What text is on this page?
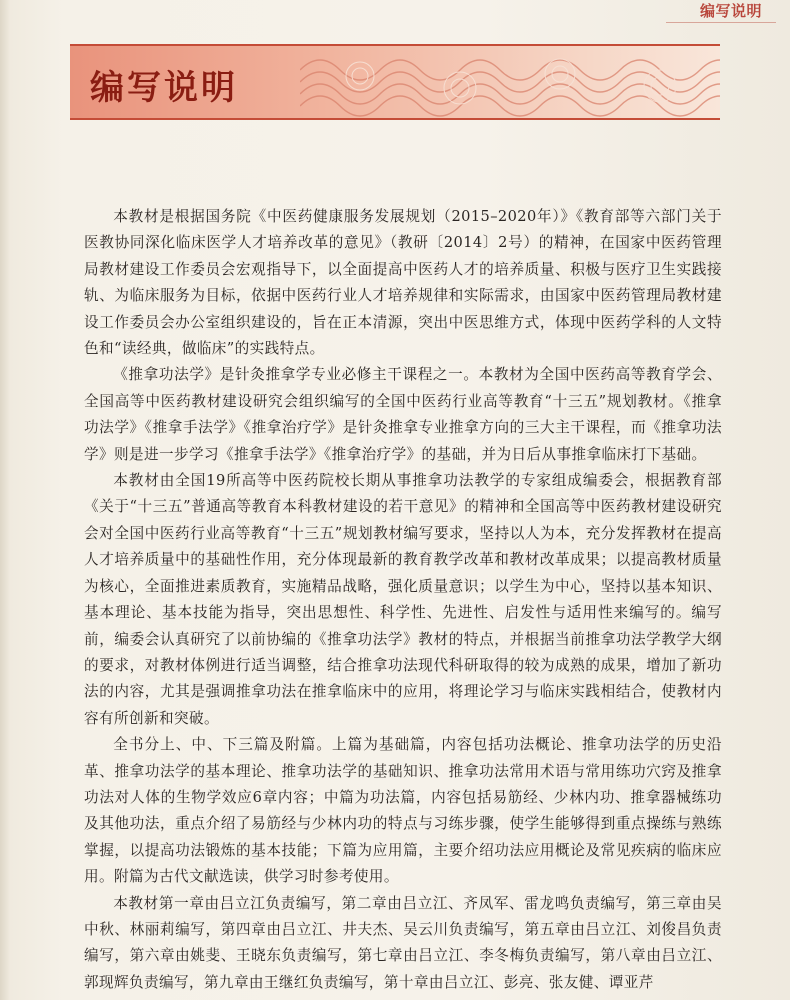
编写说明
编写说明

本教材是根据国务院《中医药健康服务发展规划（2015–2020年）》《教育部等六部门关于医教协同深化临床医学人才培养改革的意见》（教研〔2014〕2号）的精神，在国家中医药管理局教材建设工作委员会宏观指导下，以全面提高中医药人才的培养质量、积极与医疗卫生实践接轨、为临床服务为目标，依据中医药行业人才培养规律和实际需求，由国家中医药管理局教材建设工作委员会办公室组织建设的，旨在正本清源，突出中医思维方式，体现中医药学科的人文特色和“读经典，做临床”的实践特点。

《推拿功法学》是针灸推拿学专业必修主干课程之一。本教材为全国中医药高等教育学会、全国高等中医药教材建设研究会组织编写的全国中医药行业高等教育“十三五”规划教材。《推拿功法学》《推拿手法学》《推拿治疗学》是针灸推拿专业推拿方向的三大主干课程，而《推拿功法学》则是进一步学习《推拿手法学》《推拿治疗学》的基础，并为日后从事推拿临床打下基础。

本教材由全国19所高等中医药院校长期从事推拿功法教学的专家组成编委会，根据教育部《关于“十三五”普通高等教育本科教材建设的若干意见》的精神和全国高等中医药教材建设研究会对全国中医药行业高等教育“十三五”规划教材编写要求，坚持以人为本，充分发挥教材在提高人才培养质量中的基础性作用，充分体现最新的教育教学改革和教材改革成果；以提高教材质量为核心，全面推进素质教育，实施精品战略，强化质量意识；以学生为中心，坚持以基本知识、基本理论、基本技能为指导，突出思想性、科学性、先进性、启发性与适用性来编写的。编写前，编委会认真研究了以前协编的《推拿功法学》教材的特点，并根据当前推拿功法学教学大纲的要求，对教材体例进行适当调整，结合推拿功法现代科研取得的较为成熟的成果，增加了新功法的内容，尤其是强调推拿功法在推拿临床中的应用，将理论学习与临床实践相结合，使教材内容有所创新和突破。

全书分上、中、下三篇及附篇。上篇为基础篇，内容包括功法概论、推拿功法学的历史沿革、推拿功法学的基本理论、推拿功法学的基础知识、推拿功法常用术语与常用练功穴窍及推拿功法对人体的生物学效应6章内容；中篇为功法篇，内容包括易筋经、少林内功、推拿器械练功及其他功法，重点介绍了易筋经与少林内功的特点与习练步骤，使学生能够得到重点操练与熟练掌握，以提高功法锻炼的基本技能；下篇为应用篇，主要介绍功法应用概论及常见疾病的临床应用。附篇为古代文献选读，供学习时参考使用。

本教材第一章由吕立江负责编写，第二章由吕立江、齐凤军、雷龙鸣负责编写，第三章由吴中秋、林丽莉编写，第四章由吕立江、井夫杰、吴云川负责编写，第五章由吕立江、刘俊昌负责编写，第六章由姚斐、王晓东负责编写，第七章由吕立江、李冬梅负责编写，第八章由吕立江、郭现辉负责编写，第九章由王继红负责编写，第十章由吕立江、彭亮、张友健、谭亚芹
